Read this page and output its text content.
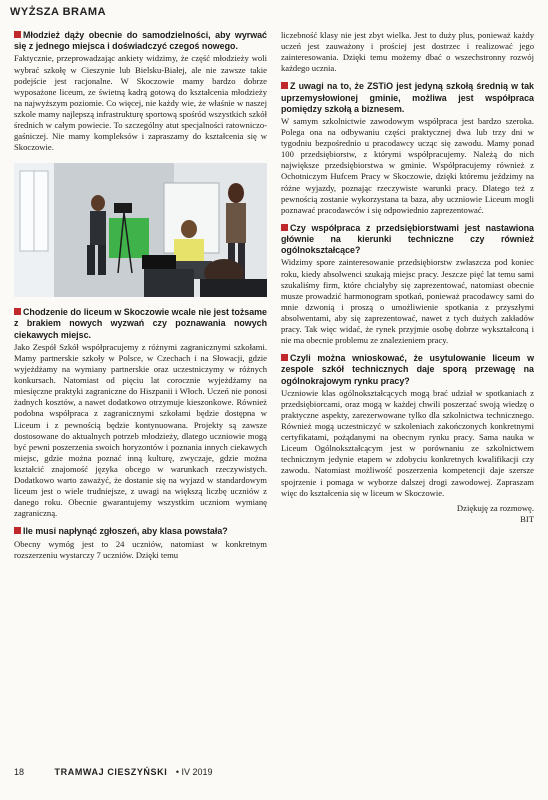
WYŻSZA BRAMA

Młodzież dąży obecnie do samodzielności, aby wyrwać się z jednego miejsca i doświadczyć czegoś nowego.

Faktycznie, przeprowadzając ankiety widzimy, że część młodzieży woli wybrać szkołę w Cieszynie lub Bielsku-Białej, ale nie zawsze takie podejście jest racjonalne. W Skoczowie mamy bardzo dobrze wyposażone liceum, ze świetną kadrą gotową do kształcenia młodzieży na najwyższym poziomie. Co więcej, nie każdy wie, że właśnie w naszej szkole mamy najlepszą infrastrukturę sportową spośród wszystkich szkół średnich w całym powiecie. To szczególny atut specjalności ratowniczo-gaśniczej. Nie mamy kompleksów i zapraszamy do kształcenia się w Skoczowie.

Chodzenie do liceum w Skoczowie wcale nie jest tożsame z brakiem nowych wyzwań czy poznawania nowych ciekawych miejsc.

Jako Zespół Szkół współpracujemy z różnymi zagranicznymi szkołami. Mamy partnerskie szkoły w Polsce, w Czechach i na Słowacji, gdzie wyjeżdżamy na wymiany partnerskie oraz uczestniczymy w różnych konkursach. Natomiast od pięciu lat corocznie wyjeżdżamy na miesięczne praktyki zagraniczne do Hiszpanii i Włoch. Uczeń nie ponosi żadnych kosztów, a nawet dodatkowo otrzymuje kieszonkowe. Również podobna współpraca z zagranicznymi szkołami będzie dostępna w Liceum i z pewnością będzie kontynuowana. Projekty są zawsze dostosowane do aktualnych potrzeb młodzieży, dlatego uczniowie mogą być pewni poszerzenia swoich horyzontów i poznania innych ciekawych miejsc, gdzie można poznać inną kulturę, zwyczaje, gdzie można kształcić znajomość języka obcego w warunkach rzeczywistych. Dodatkowo warto zaważyć, że dostanie się na wyjazd w standardowym liceum jest o wiele trudniejsze, z uwagi na większą liczbę uczniów z danego roku. Obecnie gwarantujemy wszystkim uczniom wymianę zagraniczną.

Ile musi napłynąć zgłoszeń, aby klasa powstała?

Obecny wymóg jest to 24 uczniów, natomiast w konkretnym rozszerzeniu wystarczy 7 uczniów. Dzięki temu

liczebność klasy nie jest zbyt wielka. Jest to duży plus, ponieważ każdy uczeń jest zauważony i prościej jest dostrzec i realizować jego zainteresowania. Dzięki temu możemy dbać o wszechstronny rozwój każdego ucznia.

Z uwagi na to, że ZSTiO jest jedyną szkołą średnią w tak uprzemysłowionej gminie, możliwa jest współpraca pomiędzy szkołą a biznesem.

W samym szkolnictwie zawodowym współpraca jest bardzo szeroka. Polega ona na odbywaniu części praktycznej dwa lub trzy dni w tygodniu bezpośrednio u pracodawcy ucząc się zawodu. Mamy ponad 100 przedsiębiorstw, z którymi współpracujemy. Należą do nich największe przedsiębiorstwa w gminie. Współpracujemy również z Ochotniczym Hufcem Pracy w Skoczowie, dzięki któremu jeździmy na różne wyjazdy, poznając rzeczywiste warunki pracy. Dlatego też z pewnością zostanie wykorzystana ta baza, aby uczniowie Liceum mogli poznawać pracodawców i się odpowiednio zaprezentować.

Czy współpraca z przedsiębiorstwami jest nastawiona głównie na kierunki techniczne czy również ogólnokształcące?

Widzimy spore zainteresowanie przedsiębiorstw zwłaszcza pod koniec roku, kiedy absolwenci szukają miejsc pracy. Jeszcze pięć lat temu sami szukaliśmy firm, które chciałyby się zaprezentować, natomiast obecnie musze prowadzić harmonogram spotkań, ponieważ pracodawcy sami do mnie dzwonią i proszą o umożliwienie spotkania z przyszłymi absolwentami, aby się zaprezentować, nawet z tych dużych zakładów pracy. Tak więc widać, że rynek przyjmie osobę dobrze wykształconą i nie ma obecnie problemu ze znalezieniem pracy.

Czyli można wnioskować, że usytulowanie liceum w zespole szkół technicznych daje sporą przewagę na ogólnokrajowym rynku pracy?

Uczniowie klas ogólnokształcących mogą brać udział w spotkaniach z przedsiębiorcami, oraz mogą w każdej chwili poszerzać swoją wiedzę o praktyczne aspekty, zarezerwowane tylko dla szkolnictwa technicznego. Również mogą uczestniczyć w szkoleniach zakończonych konkretnymi certyfikatami, pożądanymi na obecnym rynku pracy. Sama nauka w Liceum Ogólnokształcącym jest w porównaniu ze szkolnictwem technicznym jedynie etapem w zdobyciu konkretnych kwalifikacji czy zawodu. Natomiast możliwość poszerzenia kompetencji daje szersze spojrzenie i pomaga w wyborze dalszej drogi zawodowej. Zapraszam więc do kształcenia się w liceum w Skoczowie.

Dziękuję za rozmowę.

BIT

18	TRAMWAJ CIESZYŃSKI • IV 2019
